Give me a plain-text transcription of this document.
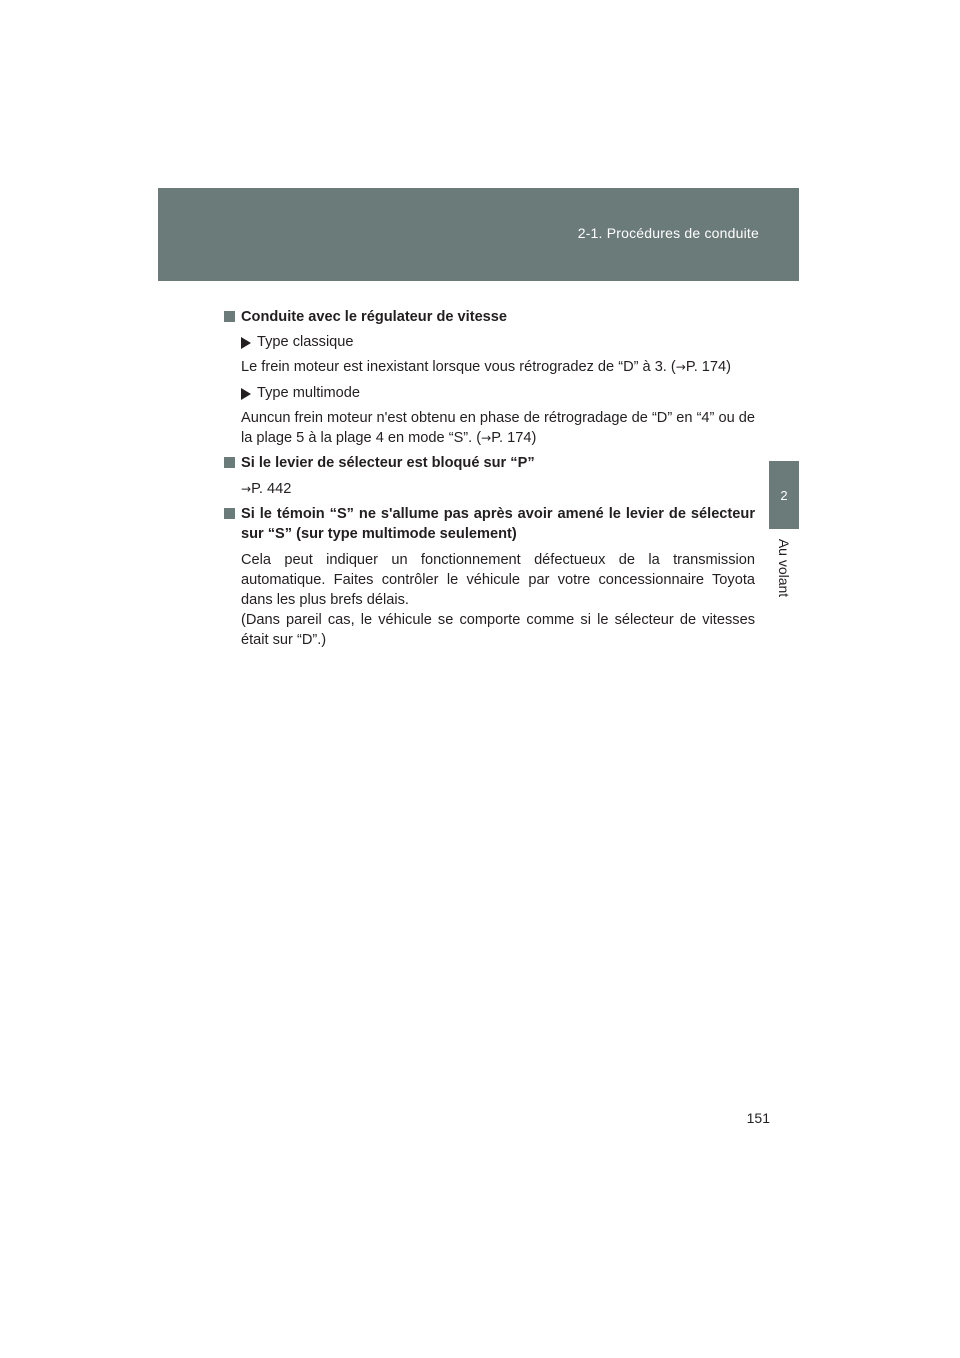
2-1. Procédures de conduite
2
Au volant
Conduite avec le régulateur de vitesse
Type classique
Le frein moteur est inexistant lorsque vous rétrogradez de “D” à 3. (→P. 174)
Type multimode
Auncun frein moteur n'est obtenu en phase de rétrogradage de “D” en “4” ou de la plage 5 à la plage 4 en mode “S”. (→P. 174)
Si le levier de sélecteur est bloqué sur “P”
→P. 442
Si le témoin “S” ne s'allume pas après avoir amené le levier de sélecteur sur “S” (sur type multimode seulement)
Cela peut indiquer un fonctionnement défectueux de la transmission automatique. Faites contrôler le véhicule par votre concessionnaire Toyota dans les plus brefs délais.
(Dans pareil cas, le véhicule se comporte comme si le sélecteur de vitesses était sur “D”.)
151
